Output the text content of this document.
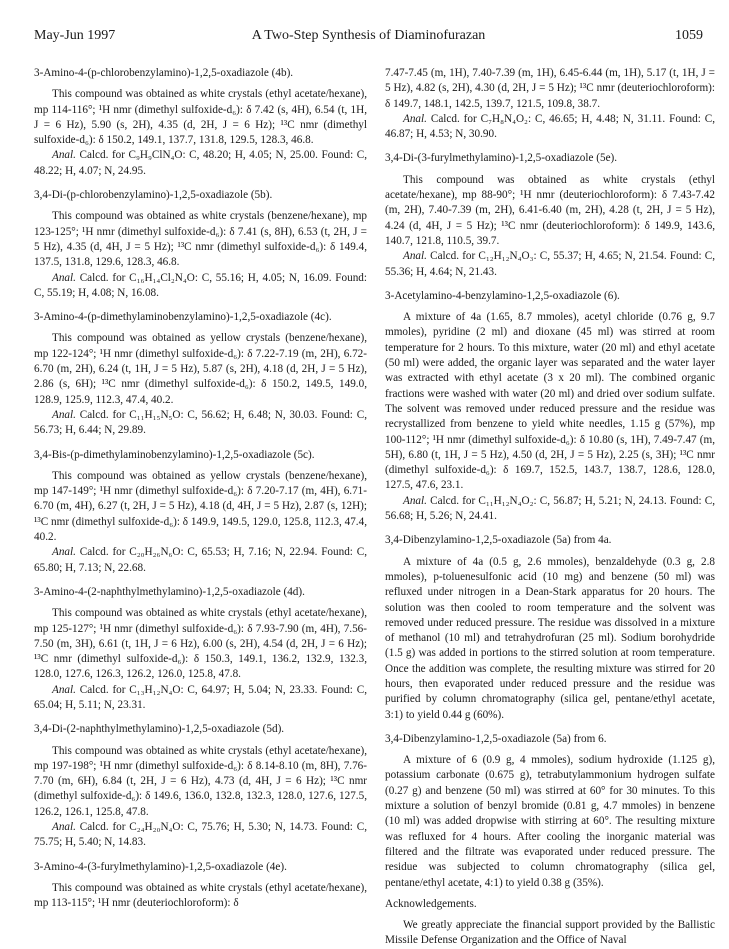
May-Jun 1997	A Two-Step Synthesis of Diaminofurazan	1059

3-Amino-4-(p-chlorobenzylamino)-1,2,5-oxadiazole (4b).

This compound was obtained as white crystals (ethyl acetate/hexane), mp 114-116°; ¹H nmr (dimethyl sulfoxide-d₆): δ 7.42 (s, 4H), 6.54 (t, 1H, J = 6 Hz), 5.90 (s, 2H), 4.35 (d, 2H, J = 6 Hz); ¹³C nmr (dimethyl sulfoxide-d₆): δ 150.2, 149.1, 137.7, 131.8, 129.5, 128.3, 46.8.

Anal. Calcd. for C₉H₉ClN₄O: C, 48.20; H, 4.05; N, 25.00. Found: C, 48.22; H, 4.07; N, 24.95.

3,4-Di-(p-chlorobenzylamino)-1,2,5-oxadiazole (5b).

This compound was obtained as white crystals (benzene/hexane), mp 123-125°; ¹H nmr (dimethyl sulfoxide-d₆): δ 7.41 (s, 8H), 6.53 (t, 2H, J = 5 Hz), 4.35 (d, 4H, J = 5 Hz); ¹³C nmr (dimethyl sulfoxide-d₆): δ 149.4, 137.5, 131.8, 129.6, 128.3, 46.8.

Anal. Calcd. for C₁₆H₁₄Cl₂N₄O: C, 55.16; H, 4.05; N, 16.09. Found: C, 55.19; H, 4.08; N, 16.08.

3-Amino-4-(p-dimethylaminobenzylamino)-1,2,5-oxadiazole (4c).

This compound was obtained as yellow crystals (benzene/hexane), mp 122-124°; ¹H nmr (dimethyl sulfoxide-d₆): δ 7.22-7.19 (m, 2H), 6.72-6.70 (m, 2H), 6.24 (t, 1H, J = 5 Hz), 5.87 (s, 2H), 4.18 (d, 2H, J = 5 Hz), 2.86 (s, 6H); ¹³C nmr (dimethyl sulfoxide-d₆): δ 150.2, 149.5, 149.0, 128.9, 125.9, 112.3, 47.4, 40.2.

Anal. Calcd. for C₁₁H₁₅N₅O: C, 56.62; H, 6.48; N, 30.03. Found: C, 56.73; H, 6.44; N, 29.89.

3,4-Bis-(p-dimethylaminobenzylamino)-1,2,5-oxadiazole (5c).

This compound was obtained as yellow crystals (benzene/hexane), mp 147-149°; ¹H nmr (dimethyl sulfoxide-d₆): δ 7.20-7.17 (m, 4H), 6.71-6.70 (m, 4H), 6.27 (t, 2H, J = 5 Hz), 4.18 (d, 4H, J = 5 Hz), 2.87 (s, 12H); ¹³C nmr (dimethyl sulfoxide-d₆): δ 149.9, 149.5, 129.0, 125.8, 112.3, 47.4, 40.2.

Anal. Calcd. for C₂₀H₂₆N₆O: C, 65.53; H, 7.16; N, 22.94. Found: C, 65.80; H, 7.13; N, 22.68.

3-Amino-4-(2-naphthylmethylamino)-1,2,5-oxadiazole (4d).

This compound was obtained as white crystals (ethyl acetate/hexane), mp 125-127°; ¹H nmr (dimethyl sulfoxide-d₆): δ 7.93-7.90 (m, 4H), 7.56-7.50 (m, 3H), 6.61 (t, 1H, J = 6 Hz), 6.00 (s, 2H), 4.54 (d, 2H, J = 6 Hz); ¹³C nmr (dimethyl sulfoxide-d₆): δ 150.3, 149.1, 136.2, 132.9, 132.3, 128.0, 127.6, 126.3, 126.2, 126.0, 125.8, 47.8.

Anal. Calcd. for C₁₃H₁₂N₄O: C, 64.97; H, 5.04; N, 23.33. Found: C, 65.04; H, 5.11; N, 23.31.

3,4-Di-(2-naphthylmethylamino)-1,2,5-oxadiazole (5d).

This compound was obtained as white crystals (ethyl acetate/hexane), mp 197-198°; ¹H nmr (dimethyl sulfoxide-d₆): δ 8.14-8.10 (m, 8H), 7.76-7.70 (m, 6H), 6.84 (t, 2H, J = 6 Hz), 4.73 (d, 4H, J = 6 Hz); ¹³C nmr (dimethyl sulfoxide-d₆): δ 149.6, 136.0, 132.8, 132.3, 128.0, 127.6, 127.5, 126.2, 126.1, 125.8, 47.8.

Anal. Calcd. for C₂₄H₂₀N₄O: C, 75.76; H, 5.30; N, 14.73. Found: C, 75.75; H, 5.40; N, 14.83.

3-Amino-4-(3-furylmethylamino)-1,2,5-oxadiazole (4e).

This compound was obtained as white crystals (ethyl acetate/hexane), mp 113-115°; ¹H nmr (deuteriochloroform): δ

7.47-7.45 (m, 1H), 7.40-7.39 (m, 1H), 6.45-6.44 (m, 1H), 5.17 (t, 1H, J = 5 Hz), 4.82 (s, 2H), 4.30 (d, 2H, J = 5 Hz); ¹³C nmr (deuteriochloroform): δ 149.7, 148.1, 142.5, 139.7, 121.5, 109.8, 38.7.

Anal. Calcd. for C₇H₈N₄O₂: C, 46.65; H, 4.48; N, 31.11. Found: C, 46.87; H, 4.53; N, 30.90.

3,4-Di-(3-furylmethylamino)-1,2,5-oxadiazole (5e).

This compound was obtained as white crystals (ethyl acetate/hexane), mp 88-90°; ¹H nmr (deuteriochloroform): δ 7.43-7.42 (m, 2H), 7.40-7.39 (m, 2H), 6.41-6.40 (m, 2H), 4.28 (t, 2H, J = 5 Hz), 4.24 (d, 4H, J = 5 Hz); ¹³C nmr (deuteriochloroform): δ 149.9, 143.6, 140.7, 121.8, 110.5, 39.7.

Anal. Calcd. for C₁₂H₁₂N₄O₃: C, 55.37; H, 4.65; N, 21.54. Found: C, 55.36; H, 4.64; N, 21.43.

3-Acetylamino-4-benzylamino-1,2,5-oxadiazole (6).

A mixture of 4a (1.65, 8.7 mmoles), acetyl chloride (0.76 g, 9.7 mmoles), pyridine (2 ml) and dioxane (45 ml) was stirred at room temperature for 2 hours. To this mixture, water (20 ml) and ethyl acetate (50 ml) were added, the organic layer was separated and the water layer was extracted with ethyl acetate (3 x 20 ml). The combined organic fractions were washed with water (20 ml) and dried over sodium sulfate. The solvent was removed under reduced pressure and the residue was recrystallized from benzene to yield white needles, 1.15 g (57%), mp 100-112°; ¹H nmr (dimethyl sulfoxide-d₆): δ 10.80 (s, 1H), 7.49-7.47 (m, 5H), 6.80 (t, 1H, J = 5 Hz), 4.50 (d, 2H, J = 5 Hz), 2.25 (s, 3H); ¹³C nmr (dimethyl sulfoxide-d₆): δ 169.7, 152.5, 143.7, 138.7, 128.6, 128.0, 127.5, 47.6, 23.1.

Anal. Calcd. for C₁₁H₁₂N₄O₂: C, 56.87; H, 5.21; N, 24.13. Found: C, 56.68; H, 5.26; N, 24.41.

3,4-Dibenzylamino-1,2,5-oxadiazole (5a) from 4a.

A mixture of 4a (0.5 g, 2.6 mmoles), benzaldehyde (0.3 g, 2.8 mmoles), p-toluenesulfonic acid (10 mg) and benzene (50 ml) was refluxed under nitrogen in a Dean-Stark apparatus for 20 hours. The solution was then cooled to room temperature and the solvent was removed under reduced pressure. The residue was dissolved in a mixture of methanol (10 ml) and tetrahydrofuran (25 ml). Sodium borohydride (1.5 g) was added in portions to the stirred solution at room temperature. Once the addition was complete, the resulting mixture was stirred for 20 hours, then evaporated under reduced pressure and the residue was purified by column chromatography (silica gel, pentane/ethyl acetate, 3:1) to yield 0.44 g (60%).

3,4-Dibenzylamino-1,2,5-oxadiazole (5a) from 6.

A mixture of 6 (0.9 g, 4 mmoles), sodium hydroxide (1.125 g), potassium carbonate (0.675 g), tetrabutylammonium hydrogen sulfate (0.27 g) and benzene (50 ml) was stirred at 60° for 30 minutes. To this mixture a solution of benzyl bromide (0.81 g, 4.7 mmoles) in benzene (10 ml) was added dropwise with stirring at 60°. The resulting mixture was refluxed for 4 hours. After cooling the inorganic material was filtered and the filtrate was evaporated under reduced pressure. The residue was subjected to column chromatography (silica gel, pentane/ethyl acetate, 4:1) to yield 0.38 g (35%).

Acknowledgements.

We greatly appreciate the financial support provided by the Ballistic Missile Defense Organization and the Office of Naval
